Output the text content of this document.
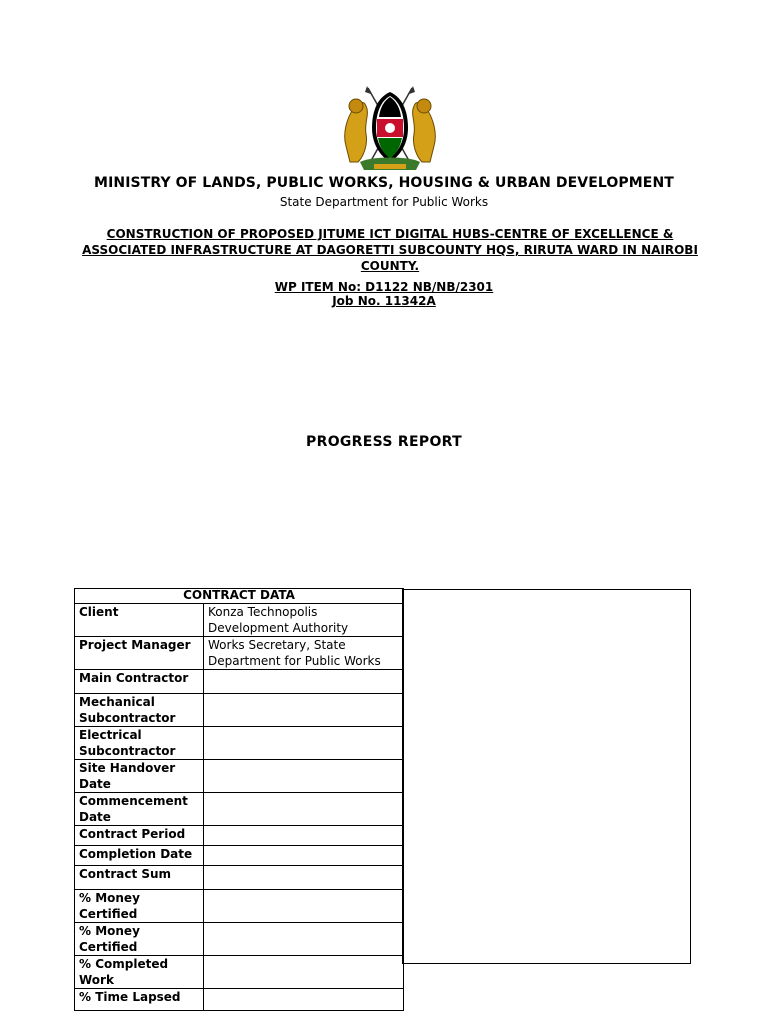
MINISTRY OF LANDS, PUBLIC WORKS, HOUSING & URBAN DEVELOPMENT
State Department for Public Works
CONSTRUCTION OF PROPOSED JITUME ICT DIGITAL HUBS-CENTRE OF EXCELLENCE & ASSOCIATED INFRASTRUCTURE AT DAGORETTI SUBCOUNTY HQS, RIRUTA WARD IN NAIROBI COUNTY.
WP ITEM No: D1122 NB/NB/2301
Job No. 11342A
PROGRESS REPORT
CONTRACT DATA	
Client	Konza Technopolis Development Authority
Project Manager	Works Secretary, State Department for Public Works
Main Contractor	
Mechanical Subcontractor	
Electrical Subcontractor	
Site Handover Date	
Commencement Date	
Contract Period	
Completion Date	
Contract Sum	
% Money Certified	
% Money Certified	
% Completed Work	
% Time Lapsed	
